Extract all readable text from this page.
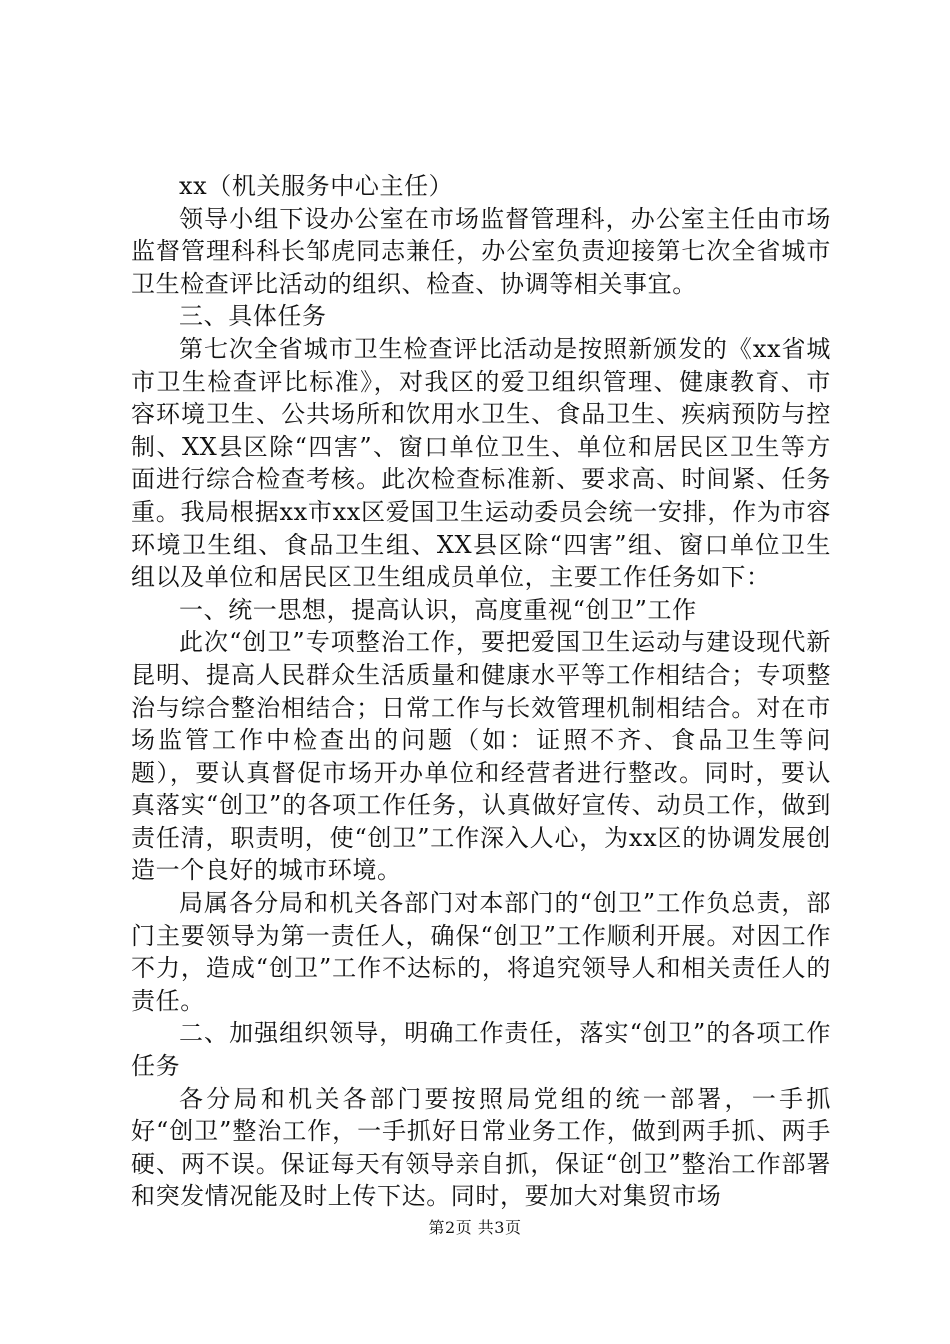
xx（机关服务中心主任）

领导小组下设办公室在市场监督管理科，办公室主任由市场监督管理科科长邹虎同志兼任，办公室负责迎接第七次全省城市卫生检查评比活动的组织、检查、协调等相关事宜。

三、具体任务

第七次全省城市卫生检查评比活动是按照新颁发的《xx省城市卫生检查评比标准》，对我区的爱卫组织管理、健康教育、市容环境卫生、公共场所和饮用水卫生、食品卫生、疾病预防与控制、XX县区除“四害”、窗口单位卫生、单位和居民区卫生等方面进行综合检查考核。此次检查标准新、要求高、时间紧、任务重。我局根据xx市xx区爱国卫生运动委员会统一安排，作为市容环境卫生组、食品卫生组、XX县区除“四害”组、窗口单位卫生组以及单位和居民区卫生组成员单位，主要工作任务如下：

一、统一思想，提高认识，高度重视“创卫”工作

此次“创卫”专项整治工作，要把爱国卫生运动与建设现代新昆明、提高人民群众生活质量和健康水平等工作相结合；专项整治与综合整治相结合；日常工作与长效管理机制相结合。对在市场监管工作中检查出的问题（如：证照不齐、食品卫生等问题），要认真督促市场开办单位和经营者进行整改。同时，要认真落实“创卫”的各项工作任务，认真做好宣传、动员工作，做到责任清，职责明，使“创卫”工作深入人心，为xx区的协调发展创造一个良好的城市环境。

局属各分局和机关各部门对本部门的“创卫”工作负总责，部门主要领导为第一责任人，确保“创卫”工作顺利开展。对因工作不力，造成“创卫”工作不达标的，将追究领导人和相关责任人的责任。

二、加强组织领导，明确工作责任，落实“创卫”的各项工作任务

各分局和机关各部门要按照局党组的统一部署，一手抓好“创卫”整治工作，一手抓好日常业务工作，做到两手抓、两手硬、两不误。保证每天有领导亲自抓，保证“创卫”整治工作部署和突发情况能及时上传下达。同时，要加大对集贸市场

第2页 共3页
